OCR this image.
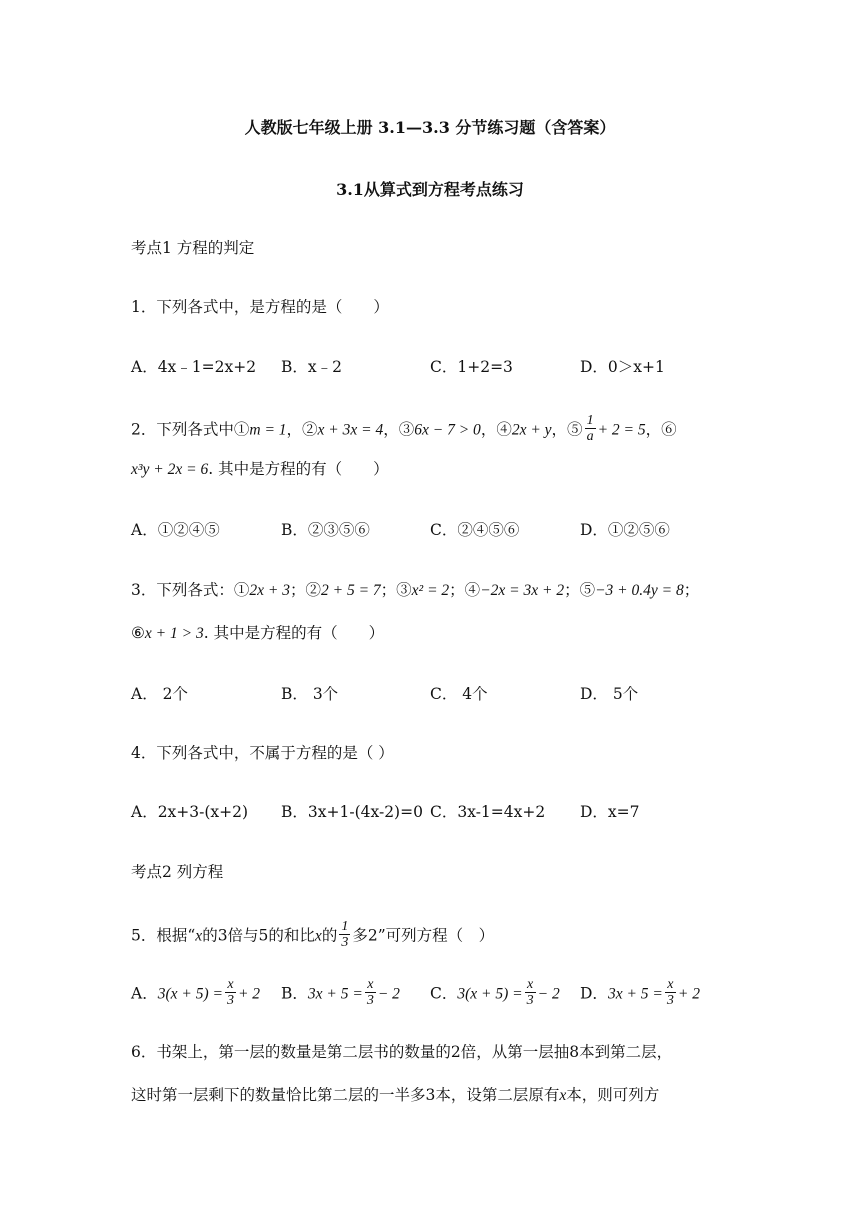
人教版七年级上册 3.1—3.3 分节练习题（含答案）
3.1从算式到方程考点练习
考点1 方程的判定
1．下列各式中，是方程的是（　　）
A．4x﹣1=2x+2 B．x﹣2	C．1+2=3	D．0＞x+1
2．下列各式中①m = 1，②x + 3x = 4，③6x − 7 > 0，④2x + y，⑤ $\frac{1}{a} + 2 = 5$，⑥
x³y + 2x = 6. 其中是方程的有（　　）
A．①②④⑤	B．②③⑤⑥	C．②④⑤⑥	D．①②⑤⑥
3．下列各式：①2x + 3；②2 + 5 = 7；③x² = 2；④−2x = 3x + 2；⑤−3 + 0.4y = 8；
⑥x + 1 > 3. 其中是方程的有（　　）
A． 2个	B． 3个	C． 4个	D． 5个
4．下列各式中，不属于方程的是（ ）
A．2x+3-(x+2) B．3x+1-(4x-2)=0 C．3x-1=4x+2 D．x=7
考点2 列方程
5．根据“x的3倍与5的和比x的 $\frac{1}{3}$ 多2”可列方程（　）
A．$3(x + 5) = \frac{x}{3} + 2$ B．$3x + 5 = \frac{x}{3} - 2$ C．$3(x + 5) = \frac{x}{3} - 2$ D．$3x + 5 = \frac{x}{3} + 2$
6．书架上，第一层的数量是第二层书的数量的2倍，从第一层抽8本到第二层，
这时第一层剩下的数量恰比第二层的一半多3本，设第二层原有x本，则可列方
